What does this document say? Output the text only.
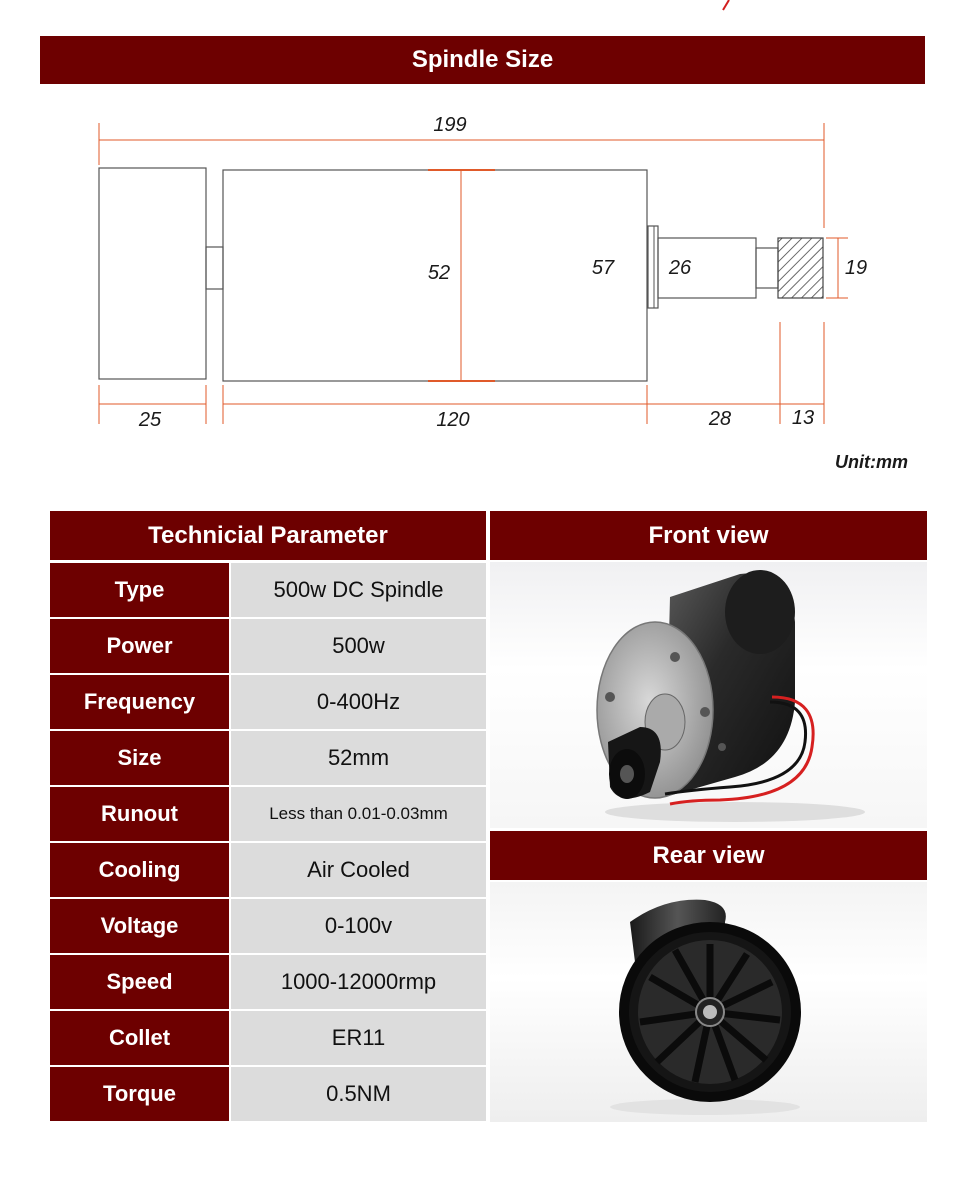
Spindle Size
199
52	57	26	19
25	120	28	13
Unit:mm
Technicial Parameter
Type	500w DC Spindle
Power	500w
Frequency	0-400Hz
Size	52mm
Runout	Less than 0.01-0.03mm
Cooling	Air Cooled
Voltage	0-100v
Speed	1000-12000rmp
Collet	ER11
Torque	0.5NM
Front view
Rear view
